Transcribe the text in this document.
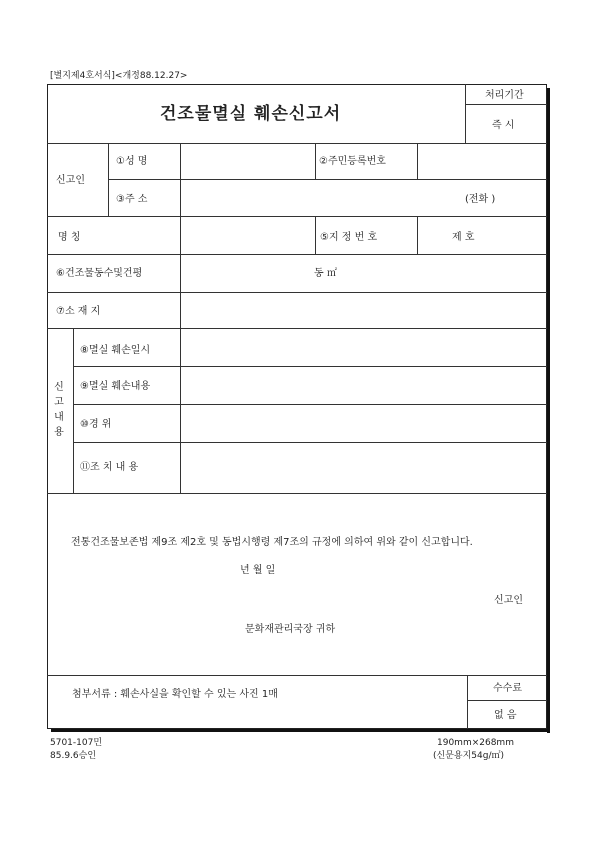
[별지제4호서식]<개정88.12.27>
처리기간
즉 시
건조물멸실 훼손신고서
신고인
①성 명	②주민등록번호
③주 소	(전화 )
명 칭	⑤지 정 번 호	제 호
⑥건조물동수및건평	동 ㎡
⑦소 재 지
신고내용
⑧멸실 훼손일시
⑨멸실 훼손내용
⑩경 위
⑪조 치 내 용
전통건조물보존법 제9조 제2호 및 동법시행령 제7조의 규정에 의하여 위와 같이 신고합니다.
년 월 일
신고인
문화재관리국장 귀하
첨부서류 : 훼손사실을 확인할 수 있는 사진 1매
수수료
없 음
5701-107민
85.9.6승인
190mm×268mm
(신문용지54g/㎡)
